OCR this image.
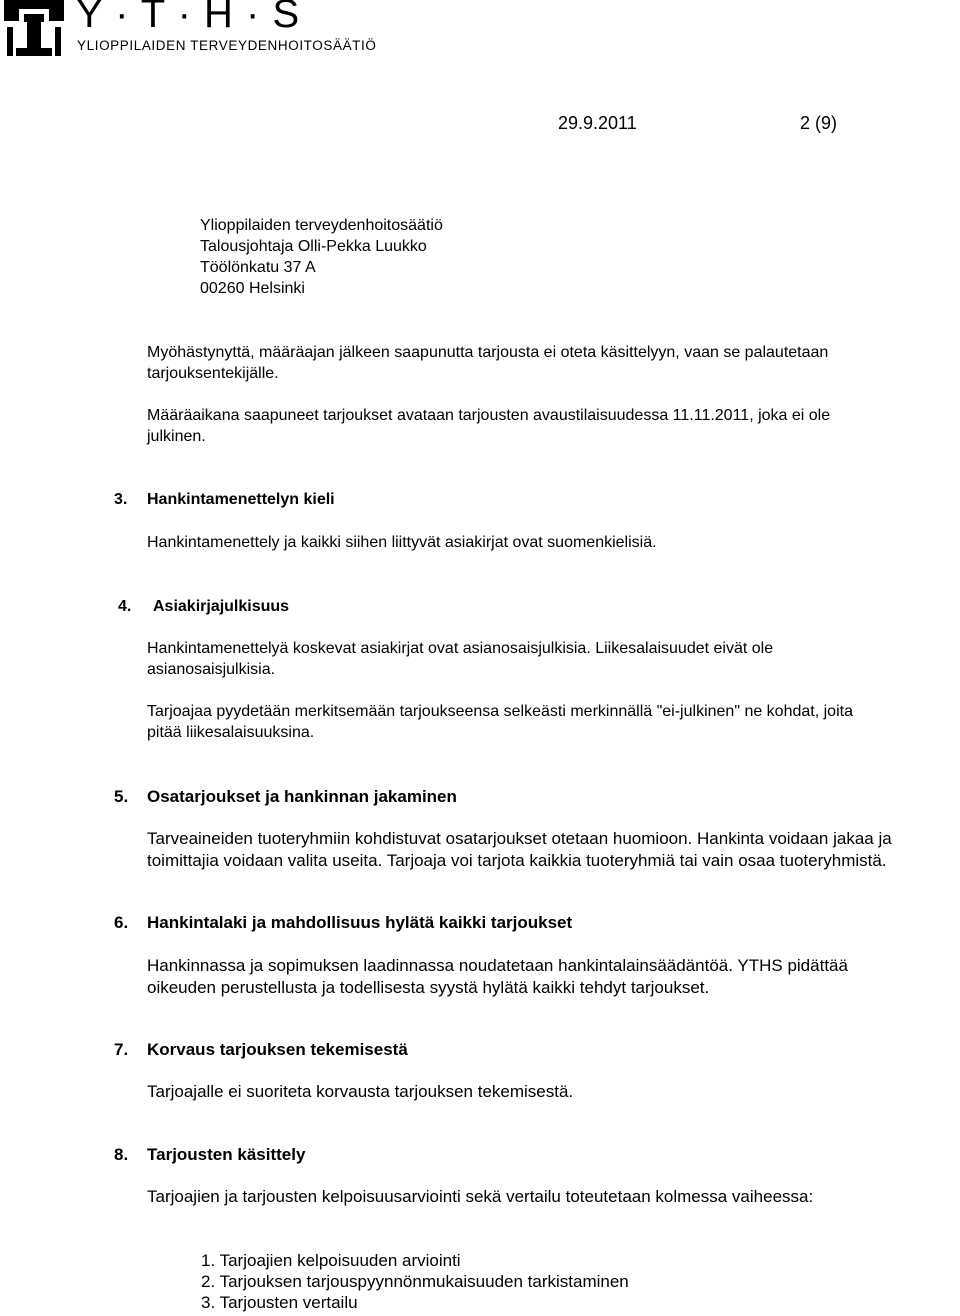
Y · T · H · S
YLIOPPILAIDEN TERVEYDENHOITOSÄÄTIÖ
29.9.2011	2 (9)
Ylioppilaiden terveydenhoitosäätiö
Talousjohtaja Olli-Pekka Luukko
Töölönkatu 37 A
00260 Helsinki
Myöhästynyttä, määräajan jälkeen saapunutta tarjousta ei oteta käsittelyyn, vaan se palautetaan
tarjouksentekijälle.
Määräaikana saapuneet tarjoukset avataan tarjousten avaustilaisuudessa 11.11.2011, joka ei ole
julkinen.
3. Hankintamenettelyn kieli
Hankintamenettely ja kaikki siihen liittyvät asiakirjat ovat suomenkielisiä.
4. Asiakirjajulkisuus
Hankintamenettelyä koskevat asiakirjat ovat asianosaisjulkisia. Liikesalaisuudet eivät ole
asianosaisjulkisia.
Tarjoajaa pyydetään merkitsemään tarjoukseensa selkeästi merkinnällä "ei-julkinen" ne kohdat, joita
pitää liikesalaisuuksina.
5. Osatarjoukset ja hankinnan jakaminen
Tarveaineiden tuoteryhmiin kohdistuvat osatarjoukset otetaan huomioon. Hankinta voidaan jakaa ja
toimittajia voidaan valita useita. Tarjoaja voi tarjota kaikkia tuoteryhmiä tai vain osaa tuoteryhmistä.
6. Hankintalaki ja mahdollisuus hylätä kaikki tarjoukset
Hankinnassa ja sopimuksen laadinnassa noudatetaan hankintalainsäädäntöä. YTHS pidättää
oikeuden perustellusta ja todellisesta syystä hylätä kaikki tehdyt tarjoukset.
7. Korvaus tarjouksen tekemisestä
Tarjoajalle ei suoriteta korvausta tarjouksen tekemisestä.
8. Tarjousten käsittely
Tarjoajien ja tarjousten kelpoisuusarviointi sekä vertailu toteutetaan kolmessa vaiheessa:
1. Tarjoajien kelpoisuuden arviointi
2. Tarjouksen tarjouspyynnönmukaisuuden tarkistaminen
3. Tarjousten vertailu
